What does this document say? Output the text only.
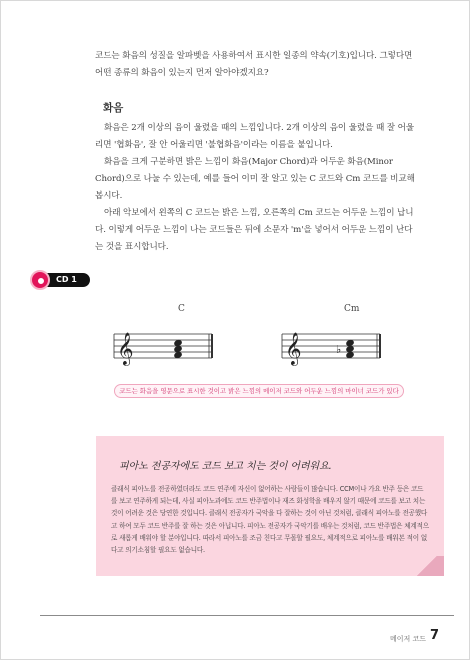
코드는 화음의 성질을 알파벳을 사용하여서 표시한 일종의 약속(기호)입니다. 그렇다면 어떤 종류의 화음이 있는지 먼저 알아야겠지요?
화음

화음은 2개 이상의 음이 울렸을 때의 느낌입니다. 2개 이상의 음이 울렸을 때 잘 어울리면 '협화음', 잘 안 어울리면 '불협화음'이라는 이름을 붙입니다.

화음을 크게 구분하면 밝은 느낌이 화음(Major Chord)과 어두운 화음(Minor Chord)으로 나눌 수 있는데, 예를 들어 이미 잘 알고 있는 C 코드와 Cm 코드를 비교해봅시다.

아래 악보에서 왼쪽의 C 코드는 밝은 느낌, 오른쪽의 Cm 코드는 어두운 느낌이 납니다. 이렇게 어두운 느낌이 나는 코드들은 뒤에 소문자 'm'을 넣어서 어두운 느낌이 난다는 것을 표시합니다.

CD 1
C	Cm
𝄞	𝄞	♭
코드는 화음을 영문으로 표시한 것이고 밝은 느낌의 메이저 코드와 어두운 느낌의 마이너 코드가 있다
피아노 전공자에도 코드 보고 치는 것이 어려워요.
클래식 피아노를 전공하였더라도 코드 연주에 자신이 없어하는 사람들이 많습니다. CCM이나 가요 반주 등은 코드를 보고 연주하게 되는데, 사실 피아노과에도 코드 반주법이나 재즈 화성학을 배우지 않기 때문에 코드를 보고 치는 것이 어려운 것은 당연한 것입니다. 클래식 전공자가 국악을 다 잘하는 것이 아닌 것처럼, 클래식 피아노를 전공했다고 하여 모두 코드 반주를 잘 하는 것은 아닙니다. 피아노 전공자가 국악기를 배우는 것처럼, 코드 반주법은 체계적으로 새롭게 배워야 할 분야입니다. 따라서 피아노를 조금 친다고 무몰할 필요도, 체계적으로 피아노를 배워본 적이 없다고 의기소침할 필요도 없습니다.
메이저 코드 7
